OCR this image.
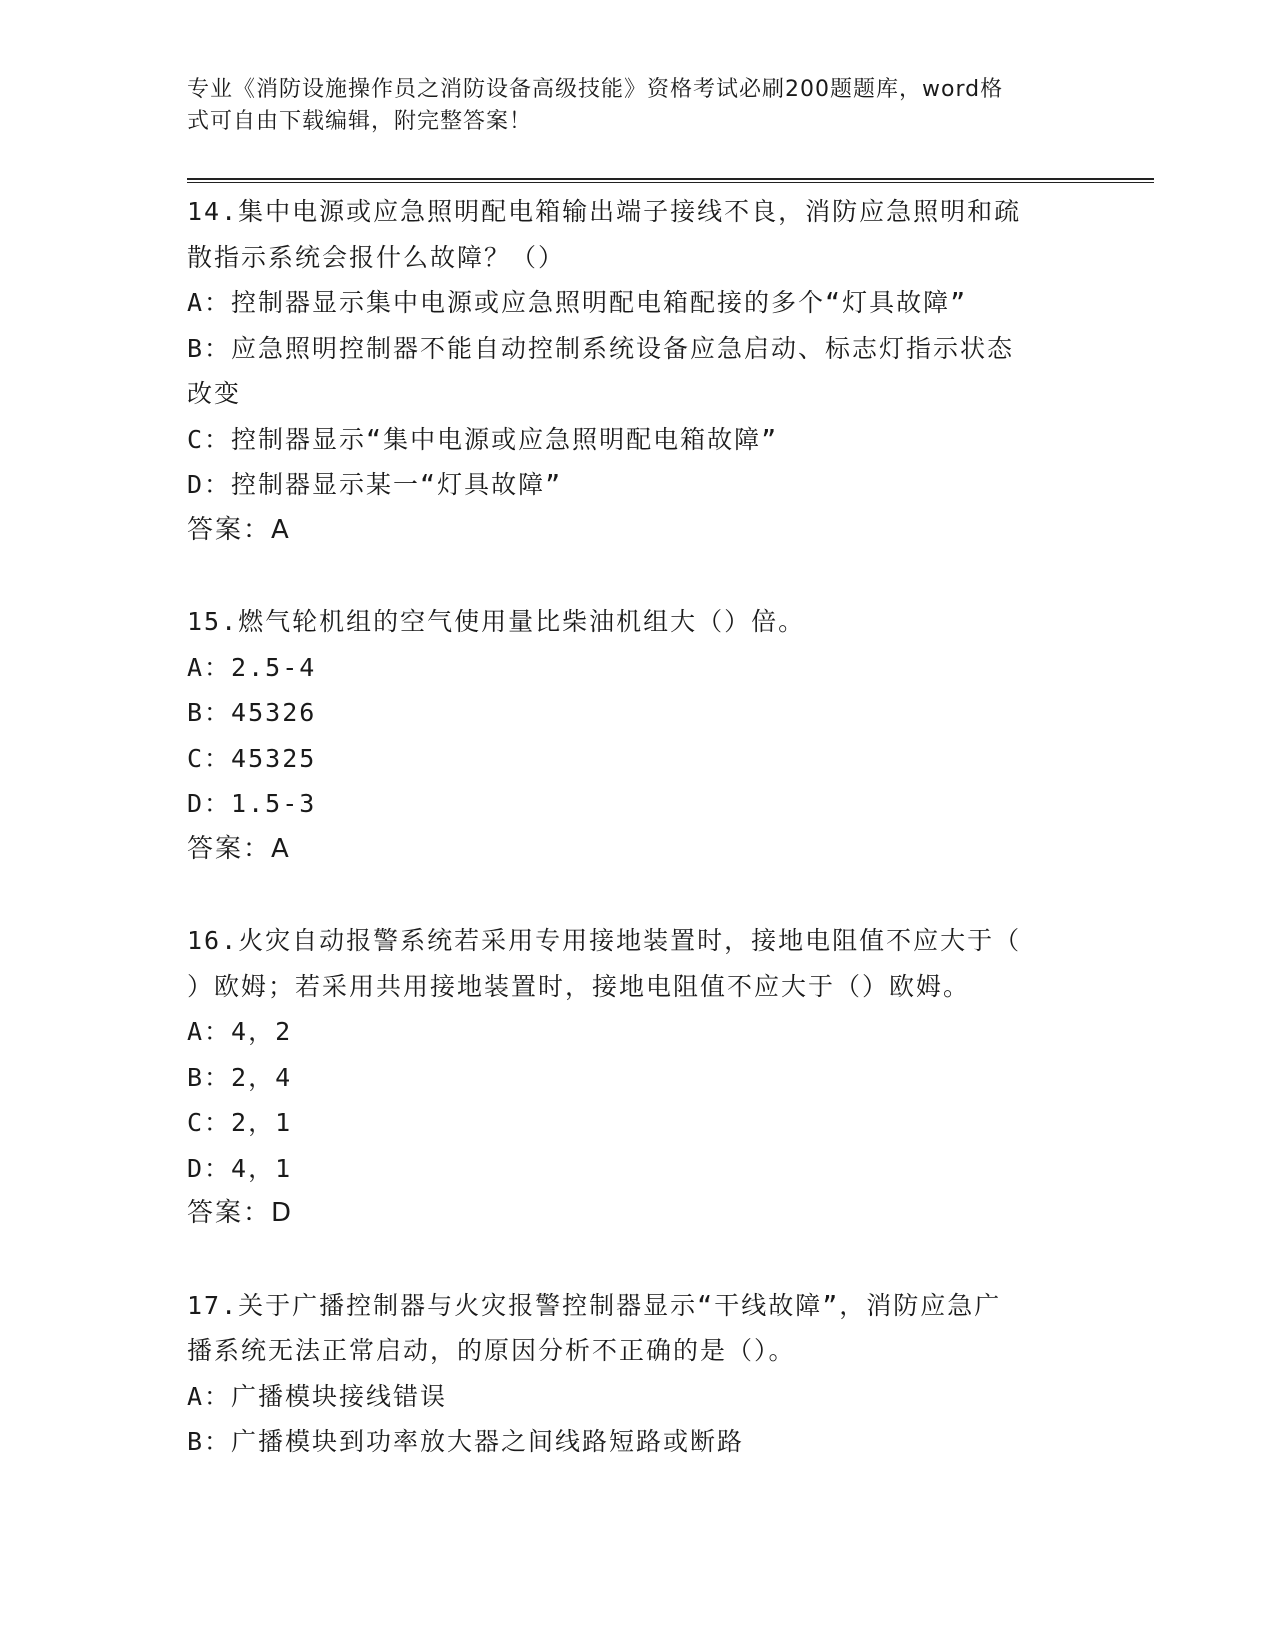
专业《消防设施操作员之消防设备高级技能》资格考试必刷200题题库，word格
式可自由下载编辑，附完整答案！
14.集中电源或应急照明配电箱输出端子接线不良，消防应急照明和疏
散指示系统会报什么故障？（）
A：控制器显示集中电源或应急照明配电箱配接的多个“灯具故障”
B：应急照明控制器不能自动控制系统设备应急启动、标志灯指示状态
改变
C：控制器显示“集中电源或应急照明配电箱故障”
D：控制器显示某一“灯具故障”
答案：A
15.燃气轮机组的空气使用量比柴油机组大（）倍。
A：2.5-4
B：45326
C：45325
D：1.5-3
答案：A
16.火灾自动报警系统若采用专用接地装置时，接地电阻值不应大于（
）欧姆；若采用共用接地装置时，接地电阻值不应大于（）欧姆。
A：4，2
B：2，4
C：2，1
D：4，1
答案：D
17.关于广播控制器与火灾报警控制器显示“干线故障”，消防应急广
播系统无法正常启动，的原因分析不正确的是（）。
A：广播模块接线错误
B：广播模块到功率放大器之间线路短路或断路
